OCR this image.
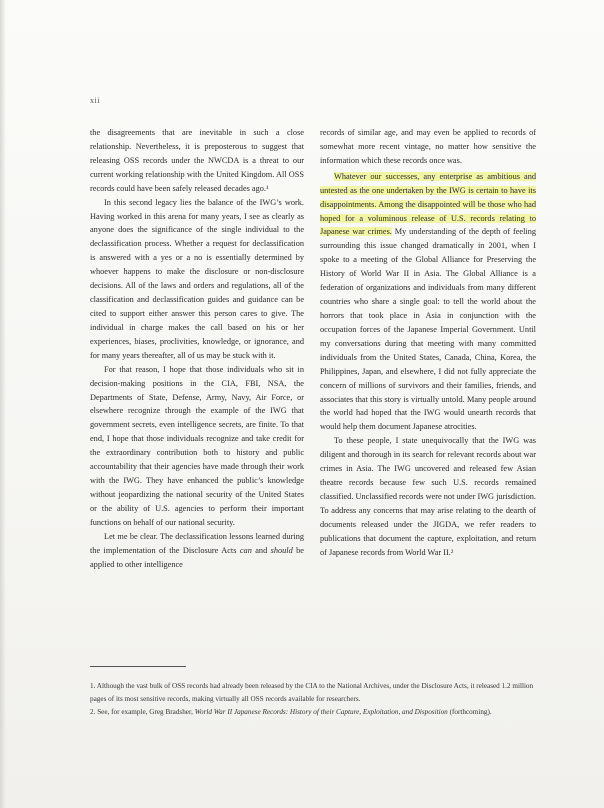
xii

the disagreements that are inevitable in such a close relationship. Nevertheless, it is preposterous to suggest that releasing OSS records under the NWCDA is a threat to our current working relationship with the United Kingdom. All OSS records could have been safely released decades ago.¹

In this second legacy lies the balance of the IWG’s work. Having worked in this arena for many years, I see as clearly as anyone does the significance of the single individual to the declassification process. Whether a request for declassification is answered with a yes or a no is essentially determined by whoever happens to make the disclosure or non-disclosure decisions. All of the laws and orders and regulations, all of the classification and declassification guides and guidance can be cited to support either answer this person cares to give. The individual in charge makes the call based on his or her experiences, biases, proclivities, knowledge, or ignorance, and for many years thereafter, all of us may be stuck with it.

For that reason, I hope that those individuals who sit in decision-making positions in the CIA, FBI, NSA, the Departments of State, Defense, Army, Navy, Air Force, or elsewhere recognize through the example of the IWG that government secrets, even intelligence secrets, are finite. To that end, I hope that those individuals recognize and take credit for the extraordinary contribution both to history and public accountability that their agencies have made through their work with the IWG. They have enhanced the public’s knowledge without jeopardizing the national security of the United States or the ability of U.S. agencies to perform their important functions on behalf of our national security.

Let me be clear. The declassification lessons learned during the implementation of the Disclosure Acts can and should be applied to other intelligence

records of similar age, and may even be applied to records of somewhat more recent vintage, no matter how sensitive the information which these records once was.

Whatever our successes, any enterprise as ambitious and untested as the one undertaken by the IWG is certain to have its disappointments. Among the disappointed will be those who had hoped for a voluminous release of U.S. records relating to Japanese war crimes. My understanding of the depth of feeling surrounding this issue changed dramatically in 2001, when I spoke to a meeting of the Global Alliance for Preserving the History of World War II in Asia. The Global Alliance is a federation of organizations and individuals from many different countries who share a single goal: to tell the world about the horrors that took place in Asia in conjunction with the occupation forces of the Japanese Imperial Government. Until my conversations during that meeting with many committed individuals from the United States, Canada, China, Korea, the Philippines, Japan, and elsewhere, I did not fully appreciate the concern of millions of survivors and their families, friends, and associates that this story is virtually untold. Many people around the world had hoped that the IWG would unearth records that would help them document Japanese atrocities.

To these people, I state unequivocally that the IWG was diligent and thorough in its search for relevant records about war crimes in Asia. The IWG uncovered and released few Asian theatre records because few such U.S. records remained classified. Unclassified records were not under IWG jurisdiction. To address any concerns that may arise relating to the dearth of documents released under the JIGDA, we refer readers to publications that document the capture, exploitation, and return of Japanese records from World War II.²

1. Although the vast bulk of OSS records had already been released by the CIA to the National Archives, under the Disclosure Acts, it released 1.2 million pages of its most sensitive records, making virtually all OSS records available for researchers.

2. See, for example, Greg Bradsher, World War II Japanese Records: History of their Capture, Exploitation, and Disposition (forthcoming).
